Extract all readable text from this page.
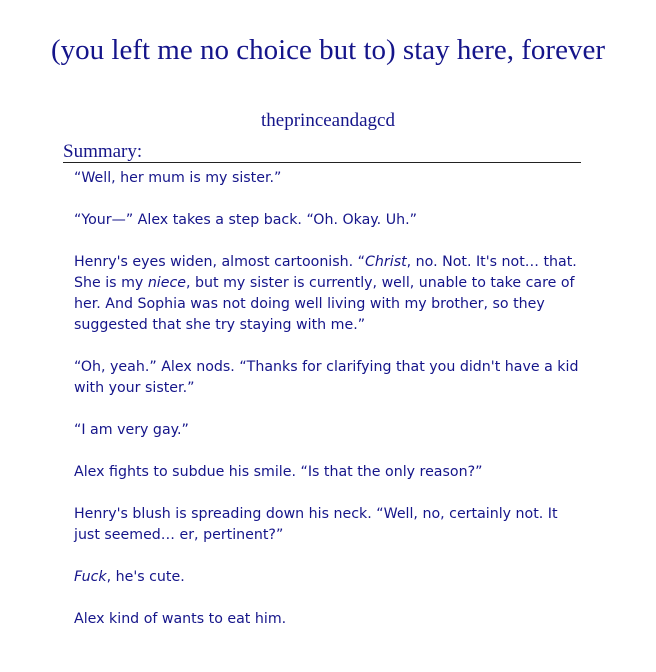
(you left me no choice but to) stay here, forever
theprinceandagcd
Summary:

“Well, her mum is my sister.”

“Your—” Alex takes a step back. “Oh. Okay. Uh.”

Henry's eyes widen, almost cartoonish. “Christ, no. Not. It's not… that. She is my niece, but my sister is currently, well, unable to take care of her. And Sophia was not doing well living with my brother, so they suggested that she try staying with me.”

“Oh, yeah.” Alex nods. “Thanks for clarifying that you didn't have a kid with your sister.”

“I am very gay.”

Alex fights to subdue his smile. “Is that the only reason?”

Henry's blush is spreading down his neck. “Well, no, certainly not. It just seemed… er, pertinent?”

Fuck, he's cute.

Alex kind of wants to eat him.
